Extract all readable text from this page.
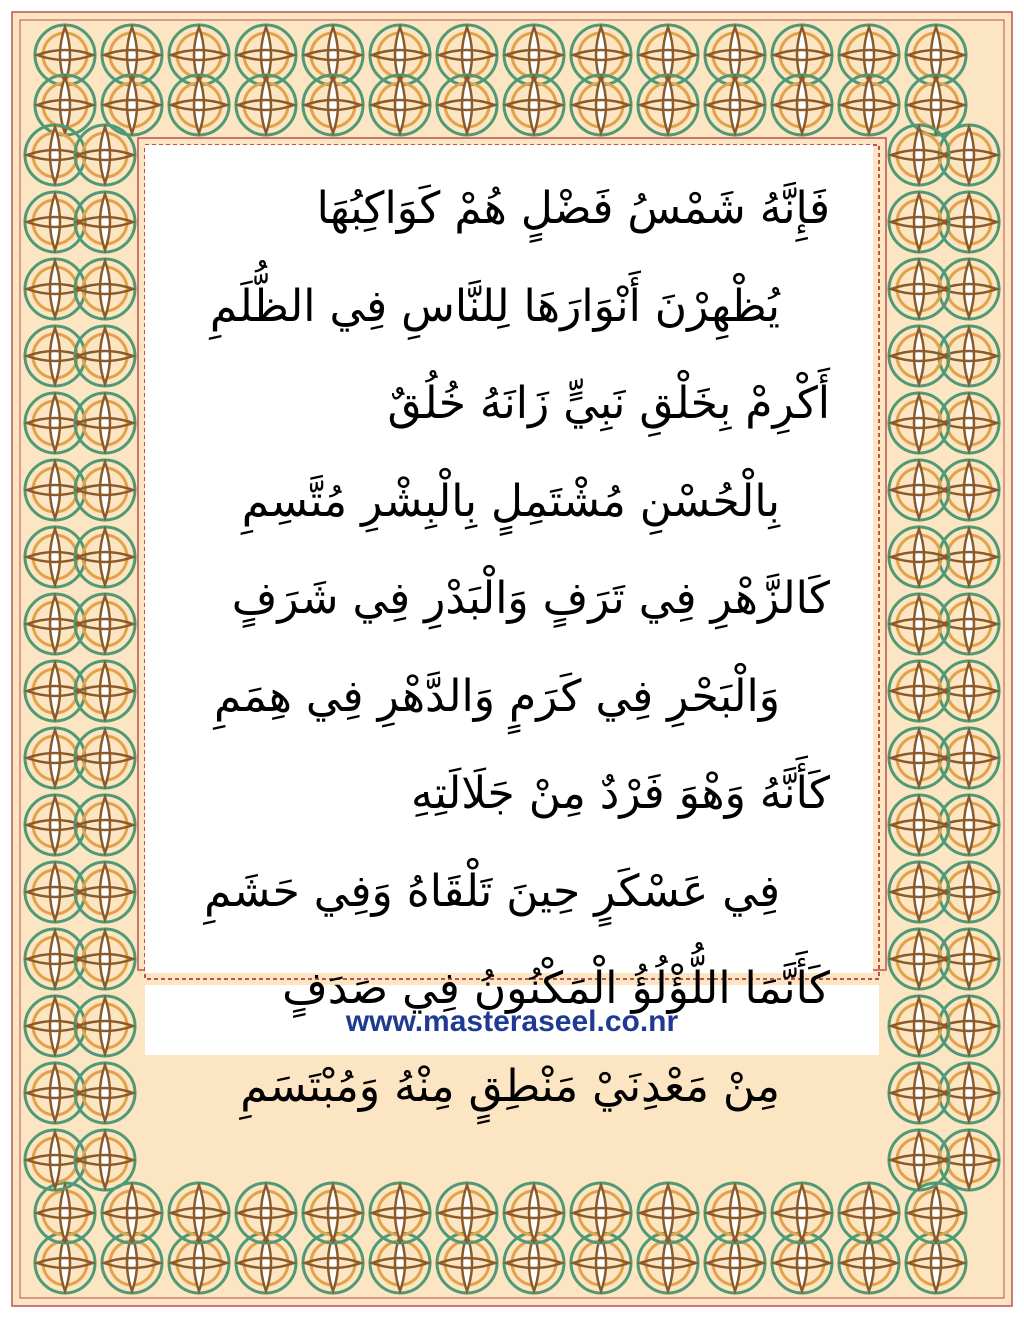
فَإِنَّهُ شَمْسُ فَضْلٍ هُمْ كَوَاكِبُهَا
يُظْهِرْنَ أَنْوَارَهَا لِلنَّاسِ فِي الظُّلَمِ
أَكْرِمْ بِخَلْقِ نَبِيٍّ زَانَهُ خُلُقٌ
بِالْحُسْنِ مُشْتَمِلٍ بِالْبِشْرِ مُتَّسِمِ
كَالزَّهْرِ فِي تَرَفٍ وَالْبَدْرِ فِي شَرَفٍ
وَالْبَحْرِ فِي كَرَمٍ وَالدَّهْرِ فِي هِمَمِ
كَأَنَّهُ وَهْوَ فَرْدٌ مِنْ جَلَالَتِهِ
فِي عَسْكَرٍ حِينَ تَلْقَاهُ وَفِي حَشَمِ
كَأَنَّمَا اللُّؤْلُؤُ الْمَكْنُونُ فِي صَدَفٍ
مِنْ مَعْدِنَيْ مَنْطِقٍ مِنْهُ وَمُبْتَسَمِ
www.masteraseel.co.nr
